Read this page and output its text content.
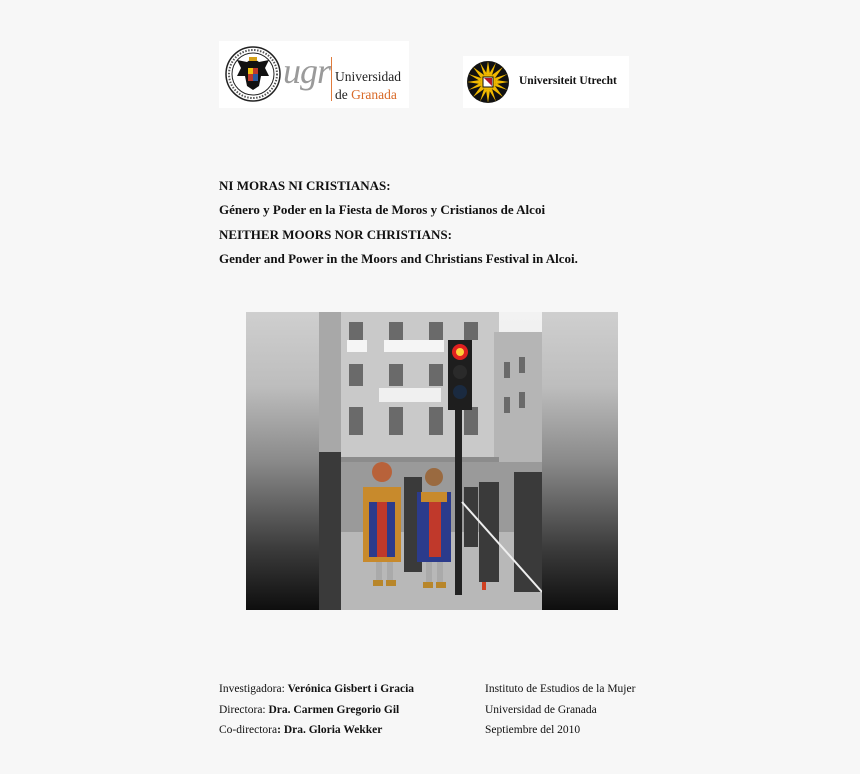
ugr Universidad
de Granada
Universiteit Utrecht
NI MORAS NI CRISTIANAS:
Género y Poder en la Fiesta de Moros y Cristianos de Alcoi
NEITHER MOORS NOR CHRISTIANS:
Gender and Power in the Moors and Christians Festival in Alcoi.
Investigadora: Verónica Gisbert i Gracia
Directora: Dra. Carmen Gregorio Gil
Co-directora: Dra. Gloria Wekker
Instituto de Estudios de la Mujer
Universidad de Granada
Septiembre del 2010
